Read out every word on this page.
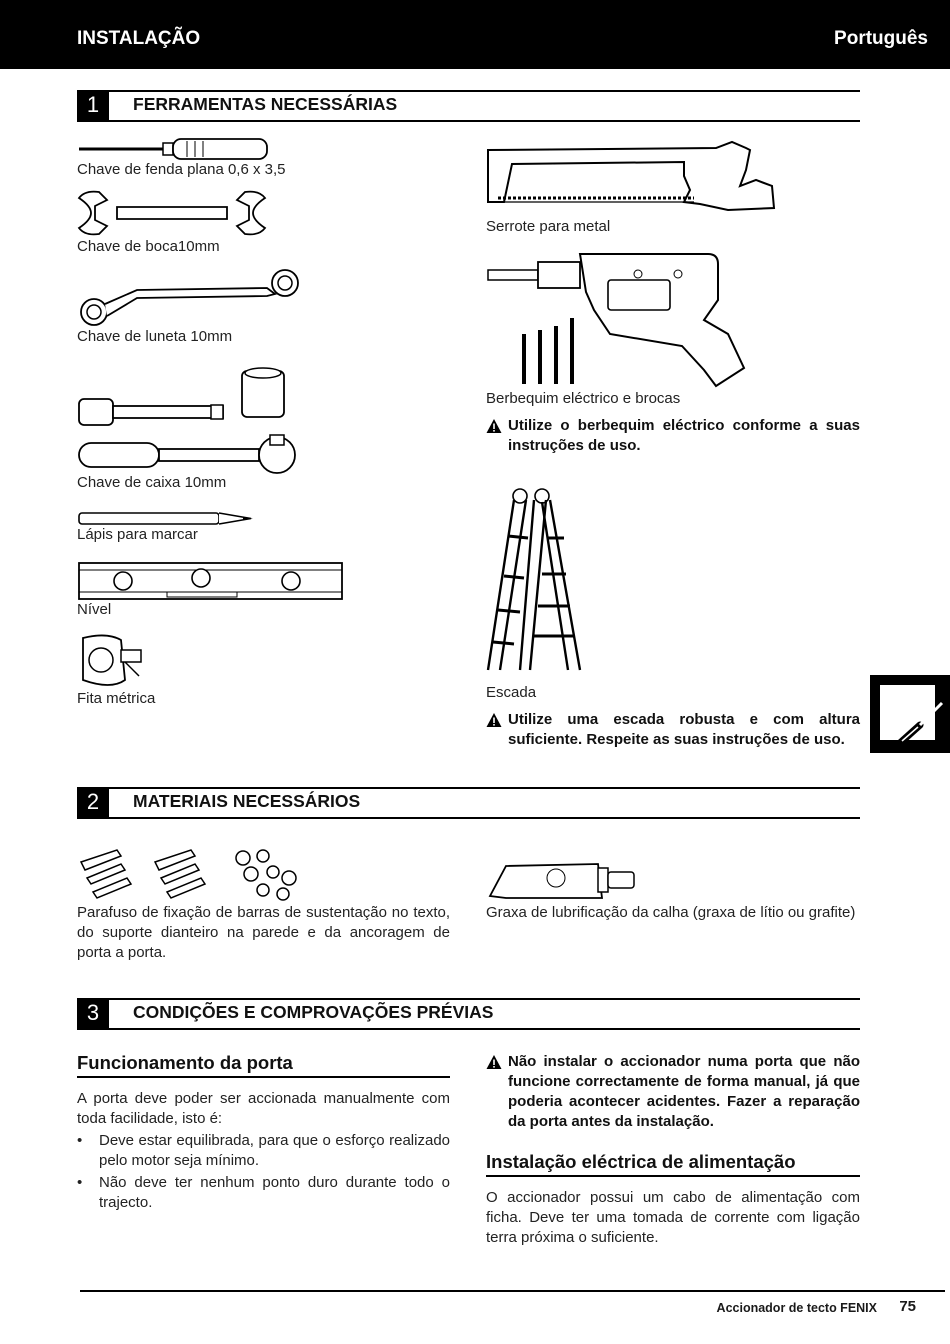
INSTALAÇÃO	Português
1	FERRAMENTAS NECESSÁRIAS
Chave de fenda plana 0,6 x 3,5
Chave de boca10mm
Chave de luneta 10mm
Chave de caixa 10mm
Lápis para marcar
Nível
Fita métrica
Serrote para metal
Berbequim eléctrico e brocas
Utilize o berbequim eléctrico conforme a suas instruções de uso.
Escada
Utilize uma escada robusta e com altura suficiente. Respeite as suas instruções de uso.
2	MATERIAIS NECESSÁRIOS
Parafuso de fixação de barras de sustentação no texto, do suporte dianteiro na parede e da ancoragem de porta a porta.
Graxa de lubrificação da calha (graxa de lítio ou grafite)
3	CONDIÇÕES E COMPROVAÇÕES PRÉVIAS
Funcionamento da porta
A porta deve poder ser accionada manualmente com toda facilidade, isto é:
• Deve estar equilibrada, para que o esforço realizado pelo motor seja mínimo.
• Não deve ter nenhum ponto duro durante todo o trajecto.
Não instalar o accionador numa porta que não funcione correctamente de forma manual, já que poderia acontecer acidentes. Fazer a reparação da porta antes da instalação.
Instalação eléctrica de alimentação
O accionador possui um cabo de alimentação com ficha. Deve ter uma tomada de corrente com ligação terra próxima o suficiente.
Accionador de tecto FENIX 75
